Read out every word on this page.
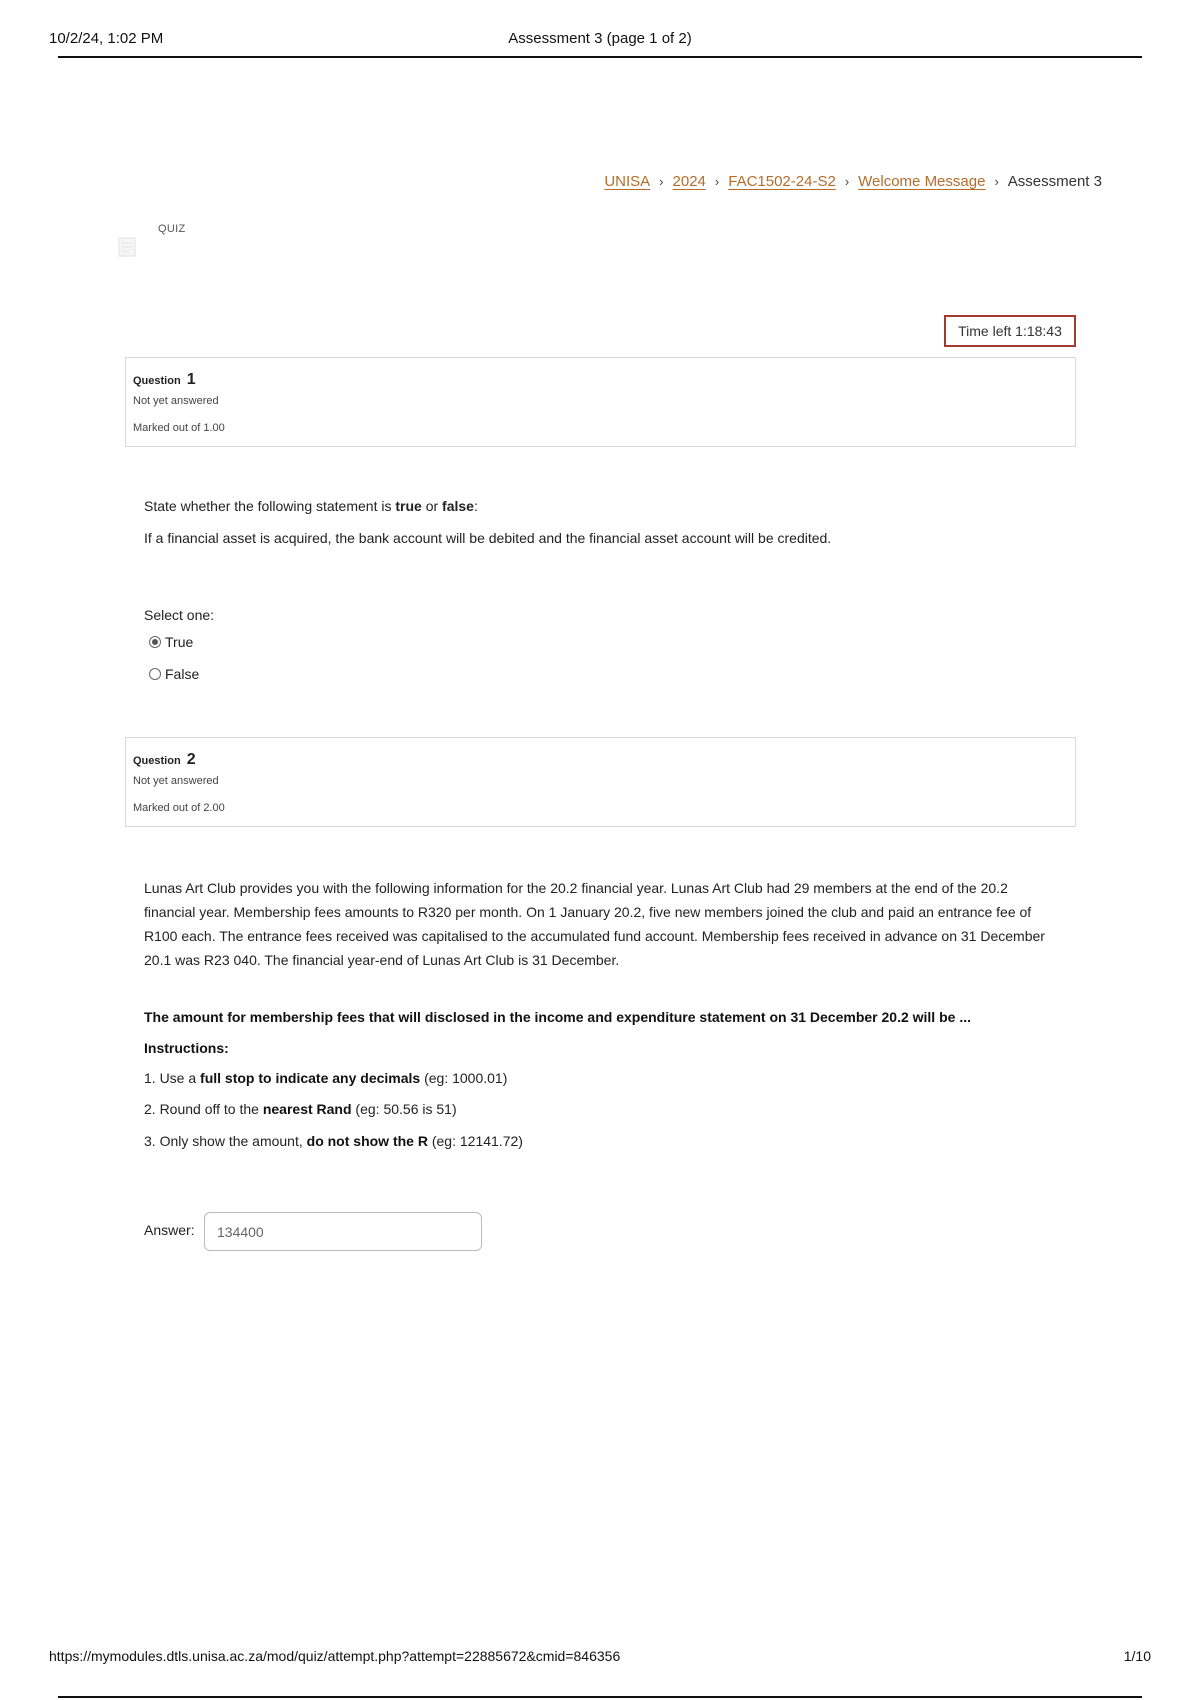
10/2/24, 1:02 PM	Assessment 3 (page 1 of 2)
UNISA › 2024 › FAC1502-24-S2 › Welcome Message › Assessment 3
QUIZ
Time left 1:18:43
Question 1
Not yet answered
Marked out of 1.00
State whether the following statement is true or false:
If a financial asset is acquired, the bank account will be debited and the financial asset account will be credited.
Select one:
True
False
Question 2
Not yet answered
Marked out of 2.00
Lunas Art Club provides you with the following information for the 20.2 financial year. Lunas Art Club had 29 members at the end of the 20.2 financial year. Membership fees amounts to R320 per month. On 1 January 20.2, five new members joined the club and paid an entrance fee of R100 each. The entrance fees received was capitalised to the accumulated fund account. Membership fees received in advance on 31 December 20.1 was R23 040. The financial year-end of Lunas Art Club is 31 December.
The amount for membership fees that will disclosed in the income and expenditure statement on 31 December 20.2 will be ...
Instructions:
1. Use a full stop to indicate any decimals (eg: 1000.01)
2. Round off to the nearest Rand (eg: 50.56 is 51)
3. Only show the amount, do not show the R (eg: 12141.72)
Answer:
134400
https://mymodules.dtls.unisa.ac.za/mod/quiz/attempt.php?attempt=22885672&cmid=846356	1/10
